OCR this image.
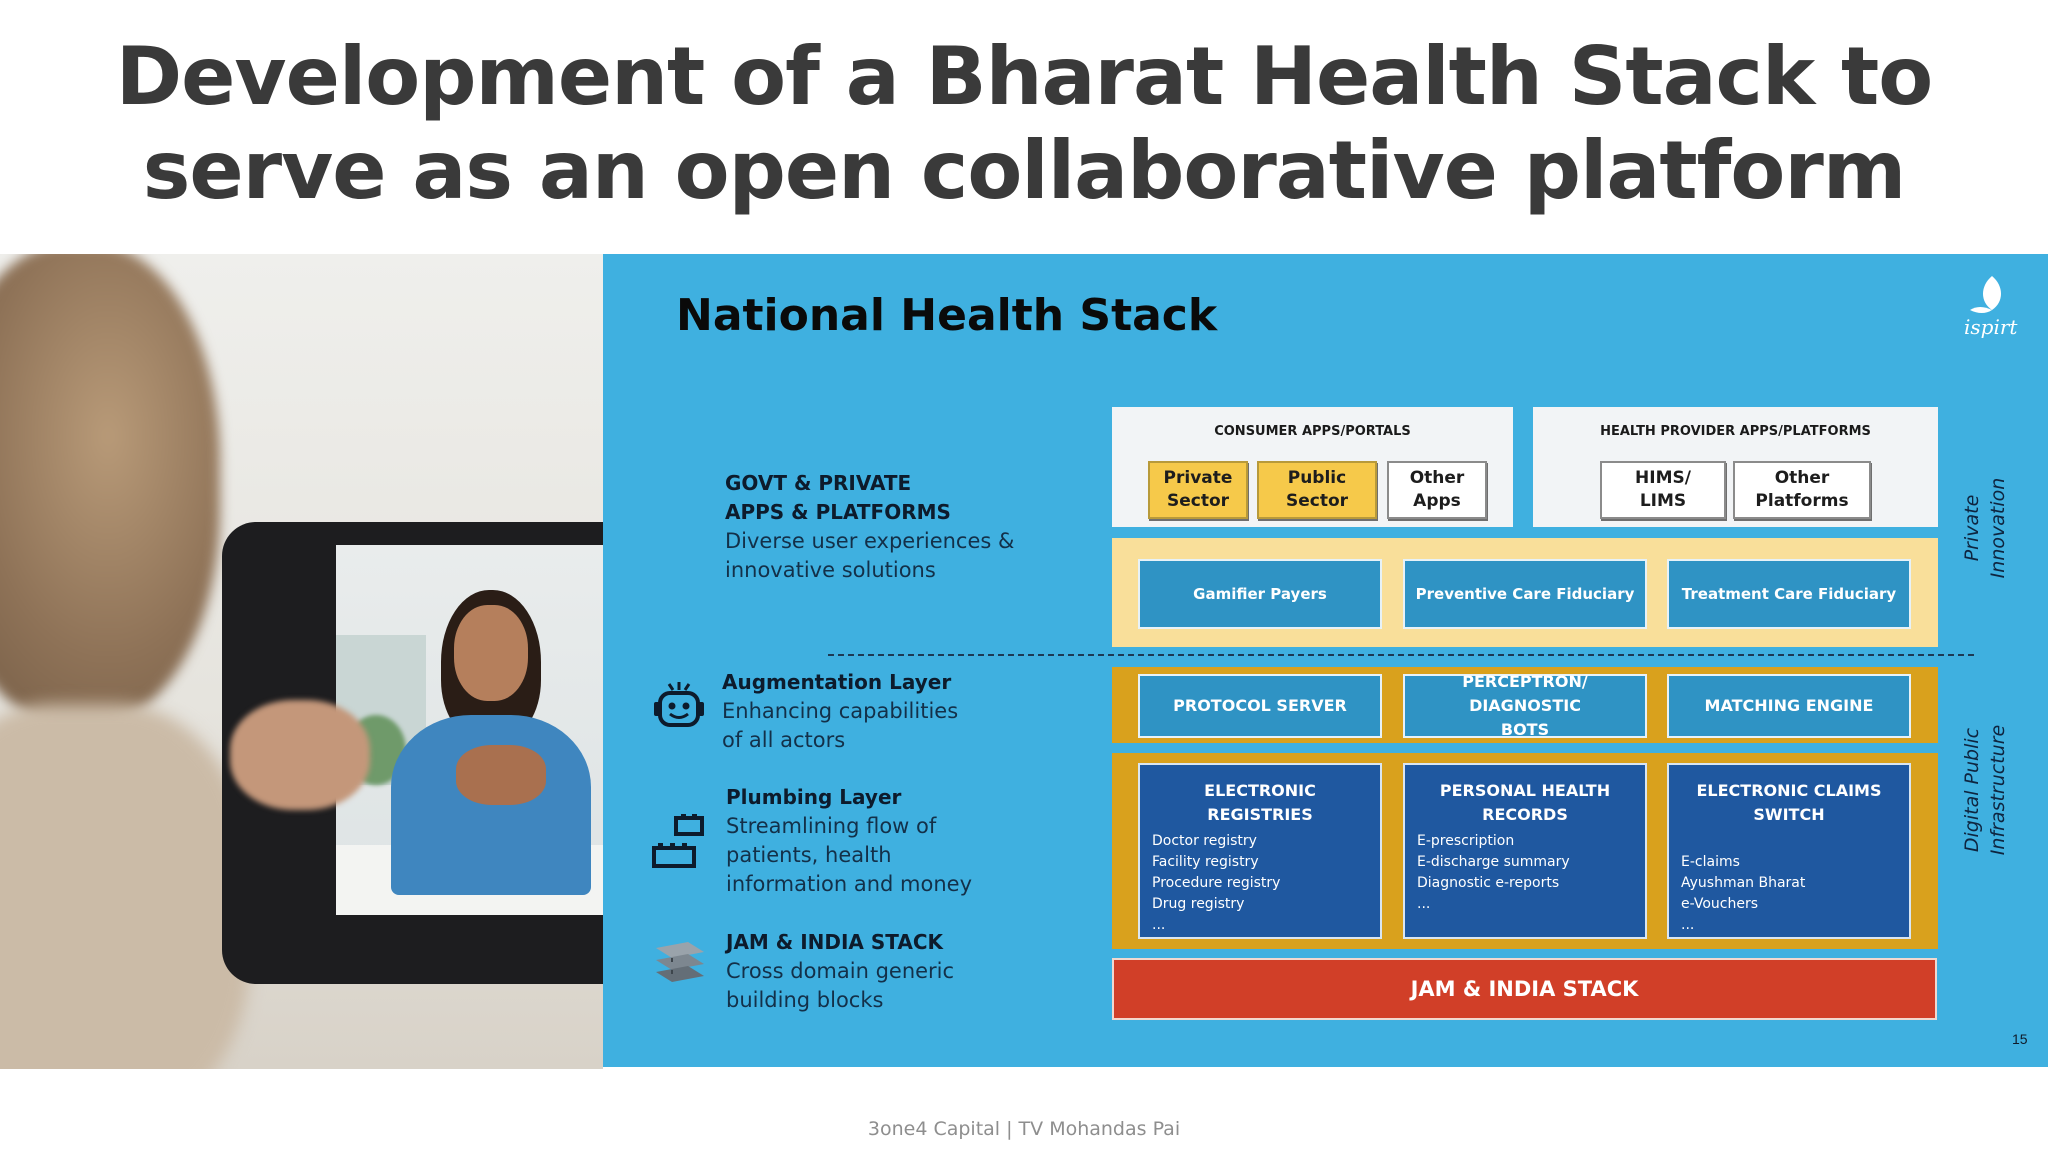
Development of a Bharat Health Stack to
serve as an open collaborative platform
National Health Stack	ispirt
GOVT & PRIVATE
APPS & PLATFORMS
Diverse user experiences &
innovative solutions
Augmentation Layer
Enhancing capabilities
of all actors
Plumbing Layer
Streamlining flow of
patients, health
information and money
JAM & INDIA STACK
Cross domain generic
building blocks
CONSUMER APPS/PORTALS
Private
Sector
Public
Sector
Other
Apps
HEALTH PROVIDER APPS/PLATFORMS
HIMS/
LIMS
Other
Platforms
Gamifier Payers	Preventive Care Fiduciary	Treatment Care Fiduciary
PROTOCOL SERVER
PERCEPTRON/ DIAGNOSTIC
BOTS
MATCHING ENGINE
ELECTRONIC
REGISTRIES
Doctor registry
Facility registry
Procedure registry
Drug registry
...
PERSONAL HEALTH
RECORDS
E-prescription
E-discharge summary
Diagnostic e-reports
...
ELECTRONIC CLAIMS
SWITCH
E-claims
Ayushman Bharat
e-Vouchers
...
JAM & INDIA STACK
Private Innovation
Digital Public Infrastructure
15
3one4 Capital | TV Mohandas Pai
